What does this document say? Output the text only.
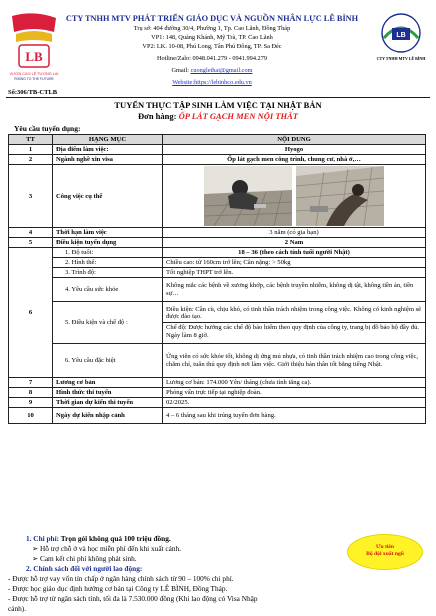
LB
VƯƠN CAO LÊ TƯƠNG LAI
RISING TO THE FUTURE
LB
CTY TNHH MTV LÊ BÌNH
CTY TNHH MTV PHÁT TRIỂN GIÁO DỤC VÀ NGUỒN NHÂN LỰC LÊ BÌNH
Trụ sở: 404 đường 30/4, Phường 1, Tp. Cao Lãnh, Đồng Tháp
VP1: 148, Quảng Khánh, Mỹ Trà, TP. Cao Lãnh
VP2: LK. 10-08, Phú Long, Tân Phú Đông, TP. Sa Đéc
Hotline/Zalo: 0948.041.279 - 0941.994.279
Gmail: cuonglethai@gmail.com
Website:https://lebinhco.edu.vn
Số:306/TB-CTLB
TUYỂN THỰC TẬP SINH LÀM VIỆC TẠI NHẬT BẢN
Đơn hàng: ỐP LÁT GẠCH MEN NỘI THẤT
Yêu cầu tuyển dụng:
TT	HẠNG MỤC	NỘI DUNG
1	Địa điểm làm việc:	Hyogo
2	Ngành nghề xin visa	Ốp lát gạch men công trình, chung cư, nhà ở,…
3	Công việc cụ thể	

4	Thời hạn làm việc	3 năm (có gia hạn)
5	Điều kiện tuyển dụng	2 Nam
6	1. Độ tuổi:	18 – 36 (theo cách tính tuổi người Nhật)
	2. Hình thể:	Chiều cao: từ 160cm trở lên; Cân nặng: > 50kg
	3. Trình độ:	Tốt nghiệp THPT trở lên.
	4. Yêu cầu sức khỏe	Không mắc các bệnh về xương khớp, các bệnh truyền nhiễm, không dị tật, không tiền án, tiền sự…
	5. Điều kiện và chế độ :	Điều kiện: Cần cù, chịu khó, có tinh thần trách nhiệm trong công việc. Không có kinh nghiệm sẽ được đào tạo.
Chế độ: Được hưởng các chế độ bảo hiểm theo quy định của công ty, trang bị đồ bảo hộ đầy đủ. Ngày làm 8 giờ.

	6. Yêu cầu đặc biệt	Ứng viên có sức khỏe tốt, không dị ứng mủ nhựa, có tinh thần trách nhiệm cao trong công việc, chăm chỉ, tuân thủ quy định nơi làm việc. Giới thiệu bản thân tốt bằng tiếng Nhật.
7	Lương cơ bản	Lương cơ bản: 174.000 Yên/ tháng (chưa tính tăng ca).
8	Hình thức thi tuyển	Phỏng vấn trực tiếp tại nghiệp đoàn.
9	Thời gian dự kiến thi tuyển	02/2025.
10	Ngày dự kiến nhập cảnh	4 – 6 tháng sau khi trúng tuyển đơn hàng.
1. Chi phí: Trọn gói không quá 100 triệu đồng.
➢ Hỗ trợ chỗ ở và học miễn phí đến khi xuất cảnh.
➢ Cam kết chi phí không phát sinh.
2. Chính sách đối với người lao động:
- Được hỗ trợ vay vốn tín chấp ở ngân hàng chính sách từ 90 – 100% chi phí.
- Được học giáo dục định hướng cơ bản tại Công ty LÊ BÌNH, Đồng Tháp.
- Được hỗ trợ từ ngân sách tỉnh, tối đa là 7.530.000 đồng (Khi lao động có Visa Nhập
cảnh).
Ưu tiên
Bộ đội xuất ngũ
